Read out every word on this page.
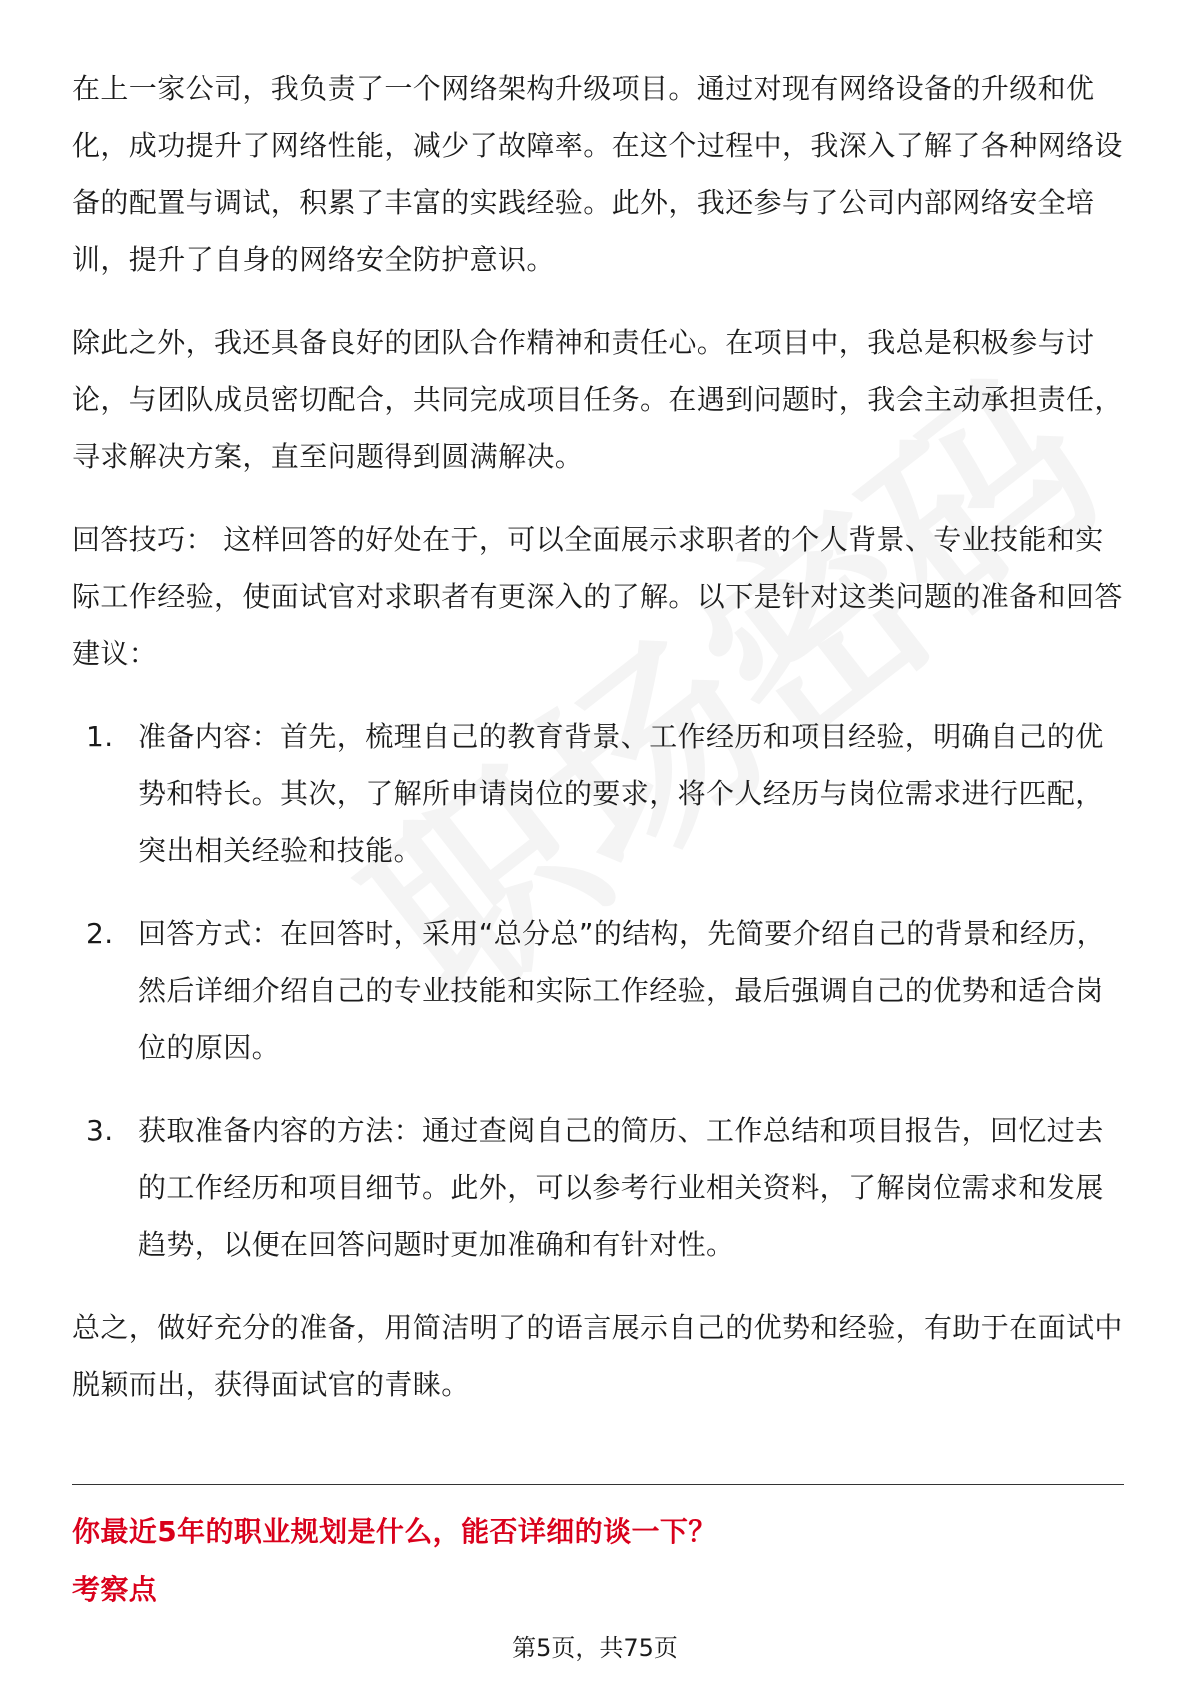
在上一家公司，我负责了一个网络架构升级项目。通过对现有网络设备的升级和优化，成功提升了网络性能，减少了故障率。在这个过程中，我深入了解了各种网络设备的配置与调试，积累了丰富的实践经验。此外，我还参与了公司内部网络安全培训，提升了自身的网络安全防护意识。

除此之外，我还具备良好的团队合作精神和责任心。在项目中，我总是积极参与讨论，与团队成员密切配合，共同完成项目任务。在遇到问题时，我会主动承担责任，寻求解决方案，直至问题得到圆满解决。

回答技巧： 这样回答的好处在于，可以全面展示求职者的个人背景、专业技能和实际工作经验，使面试官对求职者有更深入的了解。以下是针对这类问题的准备和回答建议：

1. 准备内容：首先，梳理自己的教育背景、工作经历和项目经验，明确自己的优势和特长。其次，了解所申请岗位的要求，将个人经历与岗位需求进行匹配，突出相关经验和技能。
2. 回答方式：在回答时，采用“总分总”的结构，先简要介绍自己的背景和经历，然后详细介绍自己的专业技能和实际工作经验，最后强调自己的优势和适合岗位的原因。
3. 获取准备内容的方法：通过查阅自己的简历、工作总结和项目报告，回忆过去的工作经历和项目细节。此外，可以参考行业相关资料，了解岗位需求和发展趋势，以便在回答问题时更加准确和有针对性。

总之，做好充分的准备，用简洁明了的语言展示自己的优势和经验，有助于在面试中脱颖而出，获得面试官的青睐。

你最近5年的职业规划是什么，能否详细的谈一下？
考察点
第5页，共75页
